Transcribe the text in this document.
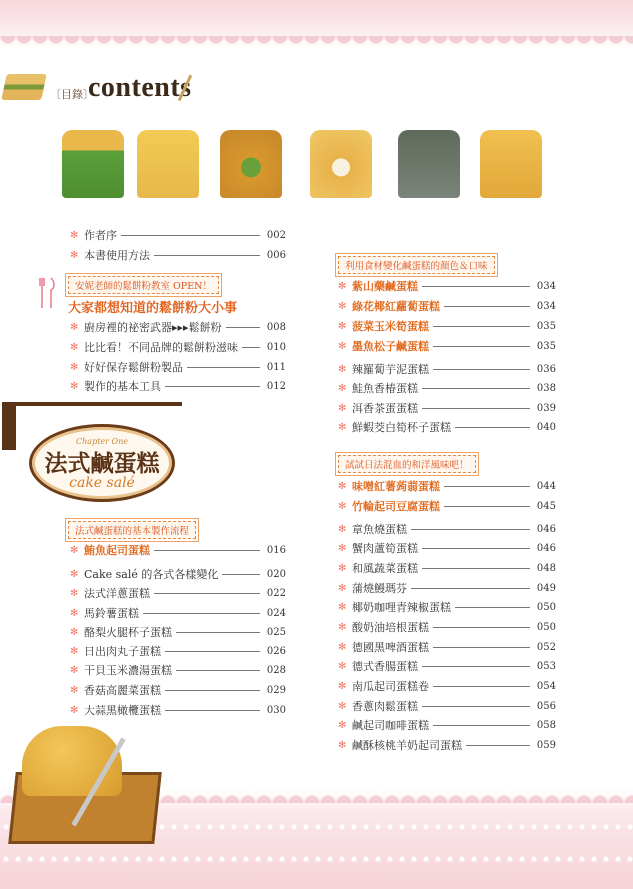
〔目錄〕
contents
✻ 作者序	002
✻ 本書使用方法	006
安妮老師的鬆餅粉教室 OPEN！
大家都想知道的鬆餅粉大小事
✻ 廚房裡的祕密武器▸▸▸鬆餅粉	008
✻ 比比看！不同品牌的鬆餅粉滋味	010
✻ 好好保存鬆餅粉製品	011
✻ 製作的基本工具	012
Chapter One
法式鹹蛋糕
cake salé
法式鹹蛋糕的基本製作流程
✻ 鮪魚起司蛋糕	016
✻ Cake salé 的各式各樣變化	020
✻ 法式洋蔥蛋糕	022
✻ 馬鈴薯蛋糕	024
✻ 酪梨火腿杯子蛋糕	025
✻ 日出肉丸子蛋糕	026
✻ 干貝玉米濃湯蛋糕	028
✻ 香菇高麗菜蛋糕	029
✻ 大蒜黑橄欖蛋糕	030
利用食材變化鹹蛋糕的顏色＆口味
✻ 紫山藥鹹蛋糕	034
✻ 綠花椰紅蘿蔔蛋糕	034
✻ 菠菜玉米筍蛋糕	035
✻ 墨魚松子鹹蛋糕	035
✻ 辣羅蔔芋泥蛋糕	036
✻ 鮭魚香椿蛋糕	038
✻ 洱香茶蛋蛋糕	039
✻ 鮮蝦茭白筍杯子蛋糕	040
試試日法混血的和洋風味吧！
✻ 味噌紅薯蒟蒻蛋糕	044
✻ 竹輪起司豆腐蛋糕	045
✻ 章魚燒蛋糕	046
✻ 蟹肉蘆筍蛋糕	046
✻ 和風蔬菜蛋糕	048
✻ 蒲燒鰻瑪芬	049
✻ 椰奶咖哩青辣椒蛋糕	050
✻ 酸奶油培根蛋糕	050
✻ 德國黑啤酒蛋糕	052
✻ 德式香腸蛋糕	053
✻ 南瓜起司蛋糕卷	054
✻ 香蔥肉鬆蛋糕	056
✻ 鹹起司咖啡蛋糕	058
✻ 鹹酥核桃羊奶起司蛋糕	059
